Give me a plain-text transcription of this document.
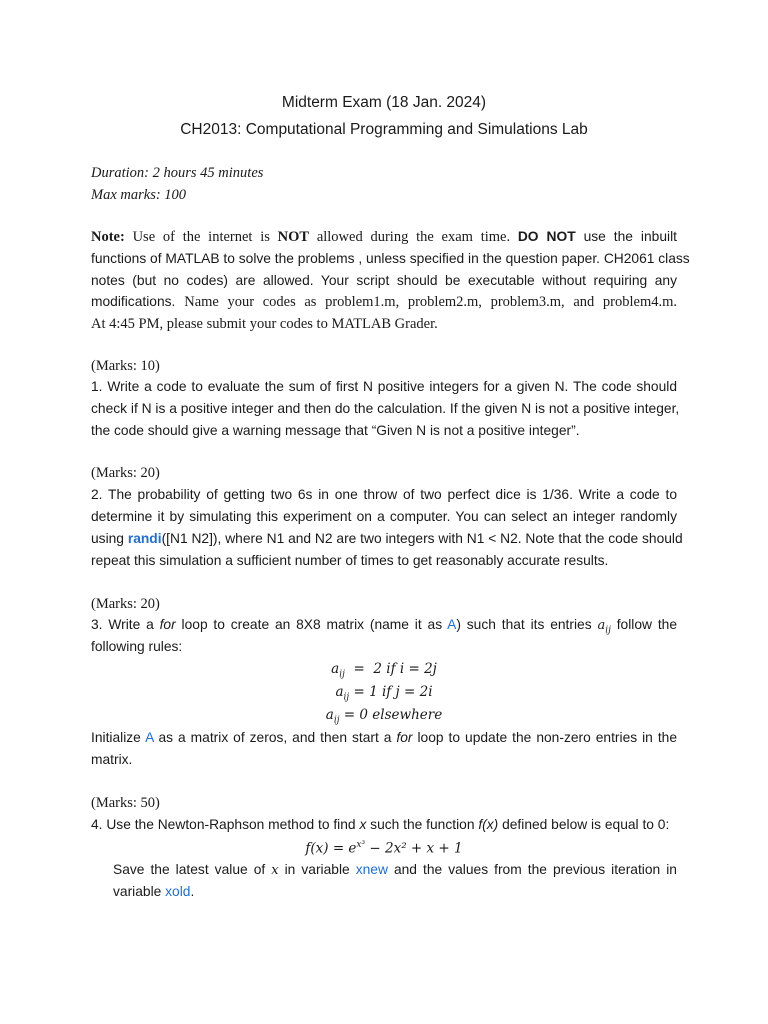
Midterm Exam (18 Jan. 2024)
CH2013: Computational Programming and Simulations Lab
Duration: 2 hours 45 minutes
Max marks: 100
Note: Use of the internet is NOT allowed during the exam time. DO NOT use the inbuilt
functions of MATLAB to solve the problems , unless specified in the question paper. CH2061 class
notes (but no codes) are allowed. Your script should be executable without requiring any
modifications. Name your codes as problem1.m, problem2.m, problem3.m, and problem4.m.
At 4:45 PM, please submit your codes to MATLAB Grader.
(Marks: 10)
1. Write a code to evaluate the sum of first N positive integers for a given N. The code should
check if N is a positive integer and then do the calculation. If the given N is not a positive integer,
the code should give a warning message that “Given N is not a positive integer”.
(Marks: 20)
2. The probability of getting two 6s in one throw of two perfect dice is 1/36. Write a code to
determine it by simulating this experiment on a computer. You can select an integer randomly
using randi([N1 N2]), where N1 and N2 are two integers with N1 < N2. Note that the code should
repeat this simulation a sufficient number of times to get reasonably accurate results.
(Marks: 20)
3. Write a for loop to create an 8X8 matrix (name it as A) such that its entries $a_{ij}$ follow the
following rules:
$a_{ij} = 2$ if i = 2j
$a_{ij} = 1$ if j = 2i
$a_{ij} = 0$ elsewhere
Initialize A as a matrix of zeros, and then start a for loop to update the non-zero entries in the
matrix.
(Marks: 50)
4. Use the Newton-Raphson method to find x such the function f(x) defined below is equal to 0:
$f(x) = e^{x^3} - 2x^2 + x + 1$
Save the latest value of x in variable xnew and the values from the previous iteration in
variable xold.
